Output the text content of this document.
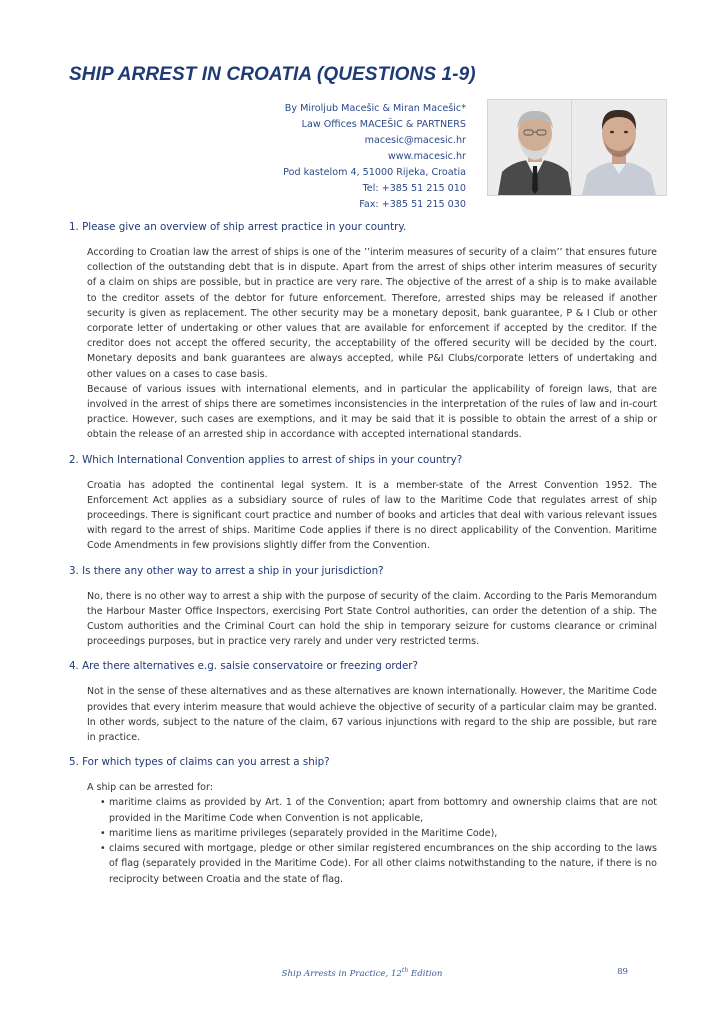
SHIP ARREST IN CROATIA (QUESTIONS 1-9)
By Miroljub Macešic & Miran Macešic*
Law Offices MACEŠIC & PARTNERS
macesic@macesic.hr
www.macesic.hr
Pod kastelom 4, 51000 Rijeka, Croatia
Tel: +385 51 215 010
Fax: +385 51 215 030
1. Please give an overview of ship arrest practice in your country.

According to Croatian law the arrest of ships is one of the ’’interim measures of security of a claim’’ that ensures future collection of the outstanding debt that is in dispute. Apart from the arrest of ships other interim measures of security of a claim on ships are possible, but in practice are very rare. The objective of the arrest of a ship is to make available to the creditor assets of the debtor for future enforcement. Therefore, arrested ships may be released if another security is given as replacement. The other security may be a monetary deposit, bank guarantee, P & I Club or other corporate letter of undertaking or other values that are available for enforcement if accepted by the creditor. If the creditor does not accept the offered security, the acceptability of the offered security will be decided by the court. Monetary deposits and bank guarantees are always accepted, while P&I Clubs/corporate letters of undertaking and other values on a cases to case basis.

Because of various issues with international elements, and in particular the applicability of foreign laws, that are involved in the arrest of ships there are sometimes inconsistencies in the interpretation of the rules of law and in-court practice. However, such cases are exemptions, and it may be said that it is possible to obtain the arrest of a ship or obtain the release of an arrested ship in accordance with accepted international standards.

2. Which International Convention applies to arrest of ships in your country?

Croatia has adopted the continental legal system. It is a member-state of the Arrest Convention 1952. The Enforcement Act applies as a subsidiary source of rules of law to the Maritime Code that regulates arrest of ship proceedings. There is significant court practice and number of books and articles that deal with various relevant issues with regard to the arrest of ships. Maritime Code applies if there is no direct applicability of the Convention. Maritime Code Amendments in few provisions slightly differ from the Convention.

3. Is there any other way to arrest a ship in your jurisdiction?

No, there is no other way to arrest a ship with the purpose of security of the claim. According to the Paris Memorandum the Harbour Master Office Inspectors, exercising Port State Control authorities, can order the detention of a ship. The Custom authorities and the Criminal Court can hold the ship in temporary seizure for customs clearance or criminal proceedings purposes, but in practice very rarely and under very restricted terms.

4. Are there alternatives e.g. saisie conservatoire or freezing order?

Not in the sense of these alternatives and as these alternatives are known internationally. However, the Maritime Code provides that every interim measure that would achieve the objective of security of a particular claim may be granted. In other words, subject to the nature of the claim, 67 various injunctions with regard to the ship are possible, but rare in practice.

5. For which types of claims can you arrest a ship?

A ship can be arrested for:

• maritime claims as provided by Art. 1 of the Convention; apart from bottomry and ownership claims that are not provided in the Maritime Code when Convention is not applicable,
• maritime liens as maritime privileges (separately provided in the Maritime Code),
• claims secured with mortgage, pledge or other similar registered encumbrances on the ship according to the laws of flag (separately provided in the Maritime Code). For all other claims notwithstanding to the nature, if there is no reciprocity between Croatia and the state of flag.
Ship Arrests in Practice, 12th Edition	89
